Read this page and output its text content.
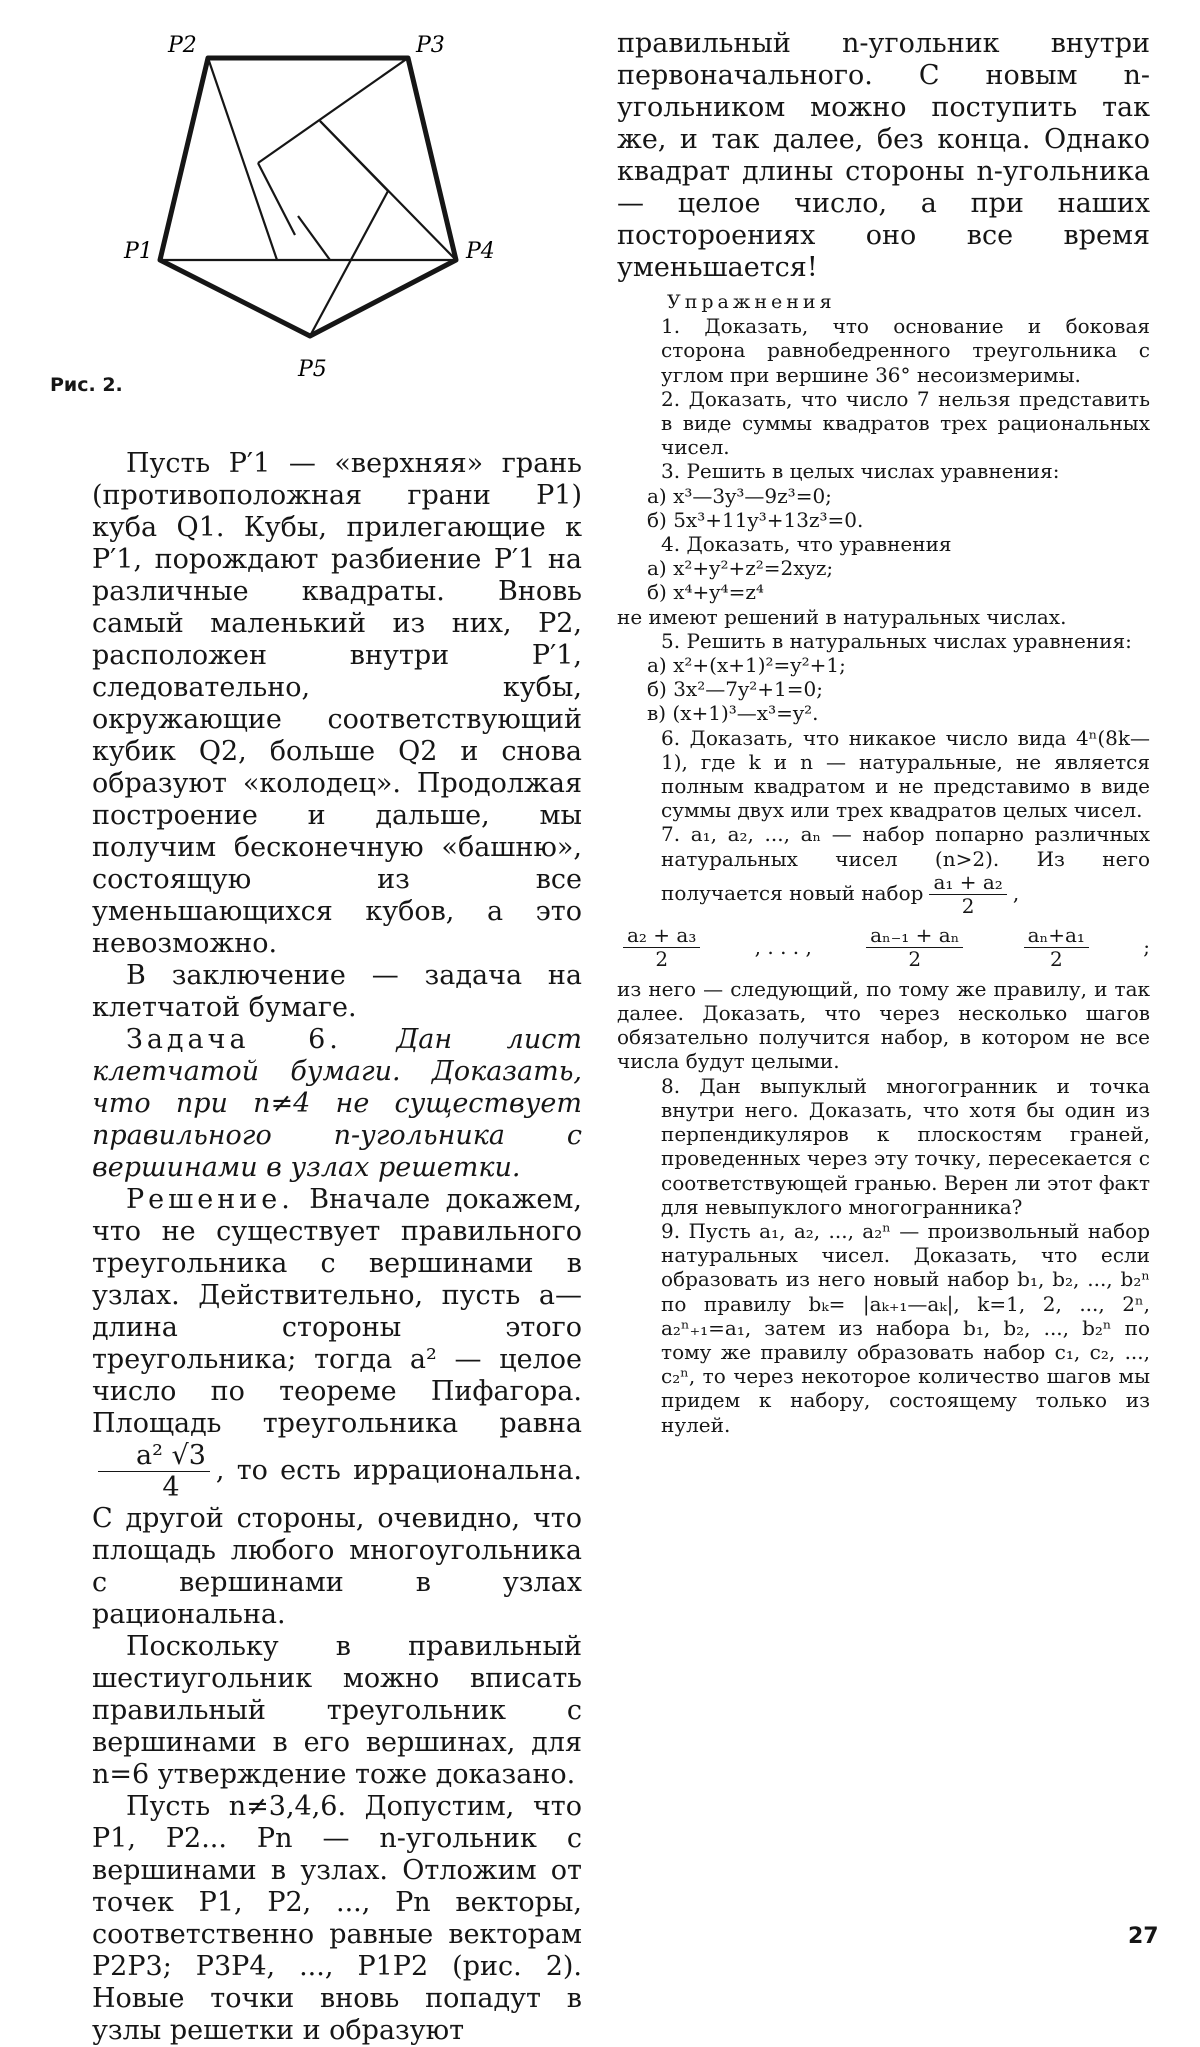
P1
P2	P3
P4
P5
Рис. 2.

Пусть P′1 — «верхняя» грань (противоположная грани P1) куба Q1. Кубы, прилегающие к P′1, порождают разбиение P′1 на различные квадраты. Вновь самый маленький из них, P2, расположен внутри P′1, следовательно, кубы, окружающие соответствующий кубик Q2, больше Q2 и снова образуют «колодец». Продолжая построение и дальше, мы получим бесконечную «башню», состоящую из все уменьшающихся кубов, а это невозможно.

В заключение — задача на клетчатой бумаге.

Задача 6. Дан лист клетчатой бумаги. Доказать, что при n≠4 не существует правильного n-угольника с вершинами в узлах решетки.

Решение. Вначале докажем, что не существует правильного треугольника с вершинами в узлах. Действительно, пусть a— длина стороны этого треугольника; тогда a² — целое число по теореме Пифагора. Площадь треугольника равна
$\frac{\text{a² √3}}{4}$ , то есть иррациональна. С другой стороны, очевидно, что площадь любого многоугольника с вершинами в узлах рациональна.

Поскольку в правильный шестиугольник можно вписать правильный треугольник с вершинами в его вершинах, для n=6 утверждение тоже доказано.

Пусть n≠3,4,6. Допустим, что P1, P2... Pn — n-угольник с вершинами в узлах. Отложим от точек P1, P2, ..., Pn векторы, соответственно равные векторам P2P3; P3P4, ..., P1P2 (рис. 2). Новые точки вновь попадут в узлы решетки и образуют

правильный n-угольник внутри первоначального. С новым n-угольником можно поступить так же, и так далее, без конца. Однако квадрат длины стороны n-угольника — целое число, а при наших постороениях оно все время уменьшается!

Упражнения

1. Доказать, что основание и боковая сторона равнобедренного треугольника с углом при вершине 36° несоизмеримы.

2. Доказать, что число 7 нельзя представить в виде суммы квадратов трех рациональных чисел.

3. Решить в целых числах уравнения:

а) x³—3y³—9z³=0;

б) 5x³+11y³+13z³=0.

4. Доказать, что уравнения

а) x²+y²+z²=2xyz;

б) x⁴+y⁴=z⁴

не имеют решений в натуральных числах.

5. Решить в натуральных числах уравнения:

а) x²+(x+1)²=y²+1;

б) 3x²—7y²+1=0;

в) (x+1)³—x³=y².

6. Доказать, что никакое число вида 4ⁿ(8k—1), где k и n — натуральные, не является полным квадратом и не представимо в виде суммы двух или трех квадратов целых чисел.

7. a₁, a₂, ..., aₙ — набор попарно различных натуральных чисел (n>2). Из него получается новый набор $\frac{\text{a₁ + a₂}}{2}$ ,

$\frac{\text{a₂ + a₃}}{2}$	, . . . ,	$\frac{\text{aₙ₋₁ + aₙ}}{2}$	$\frac{\text{aₙ+a₁}}{2}$	;

из него — следующий, по тому же правилу, и так далее. Доказать, что через несколько шагов обязательно получится набор, в котором не все числа будут целыми.

8. Дан выпуклый многогранник и точка внутри него. Доказать, что хотя бы один из перпендикуляров к плоскостям граней, проведенных через эту точку, пересекается с соответствующей гранью. Верен ли этот факт для невыпуклого многогранника?

9. Пусть a₁, a₂, ..., a₂ⁿ — произвольный набор натуральных чисел. Доказать, что если образовать из него новый набор b₁, b₂, ..., b₂ⁿ по правилу bₖ= |aₖ₊₁—aₖ|, k=1, 2, ..., 2ⁿ, a₂ⁿ₊₁=a₁, затем из набора b₁, b₂, ..., b₂ⁿ по тому же правилу образовать набор c₁, c₂, ..., c₂ⁿ, то через некоторое количество шагов мы придем к набору, состоящему только из нулей.

27
